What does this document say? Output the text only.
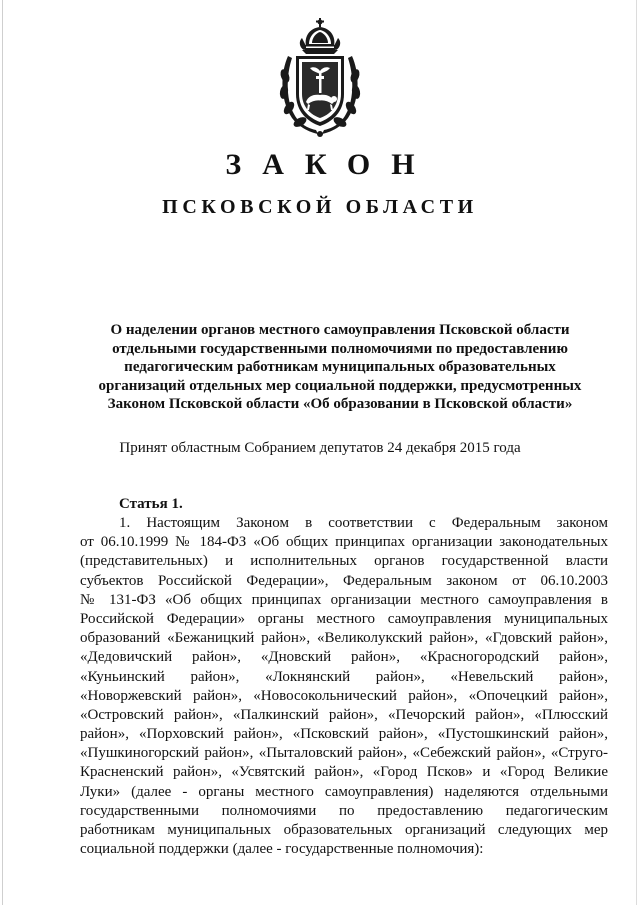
ЗАКОН
ПСКОВСКОЙ ОБЛАСТИ
О наделении органов местного самоуправления Псковской области
отдельными государственными полномочиями по предоставлению
педагогическим работникам муниципальных образовательных
организаций отдельных мер социальной поддержки, предусмотренных
Законом Псковской области «Об образовании в Псковской области»
Принят областным Собранием депутатов 24 декабря 2015 года
Статья 1.
1. Настоящим Законом в соответствии с Федеральным законом
от 06.10.1999 № 184-ФЗ «Об общих принципах организации законодательных
(представительных) и исполнительных органов государственной власти
субъектов Российской Федерации», Федеральным законом от 06.10.2003
№ 131-ФЗ «Об общих принципах организации местного самоуправления в
Российской Федерации» органы местного самоуправления муниципальных
образований «Бежаницкий район», «Великолукский район», «Гдовский район»,
«Дедовичский район», «Дновский район», «Красногородский район»,
«Куньинский район», «Локнянский район», «Невельский район»,
«Новоржевский район», «Новосокольнический район», «Опочецкий район»,
«Островский район», «Палкинский район», «Печорский район», «Плюсский
район», «Порховский район», «Псковский район», «Пустошкинский район»,
«Пушкиногорский район», «Пыталовский район», «Себежский район», «Струго-
Красненский район», «Усвятский район», «Город Псков» и «Город Великие
Луки» (далее - органы местного самоуправления) наделяются отдельными
государственными полномочиями по предоставлению педагогическим
работникам муниципальных образовательных организаций следующих мер
социальной поддержки (далее - государственные полномочия):
